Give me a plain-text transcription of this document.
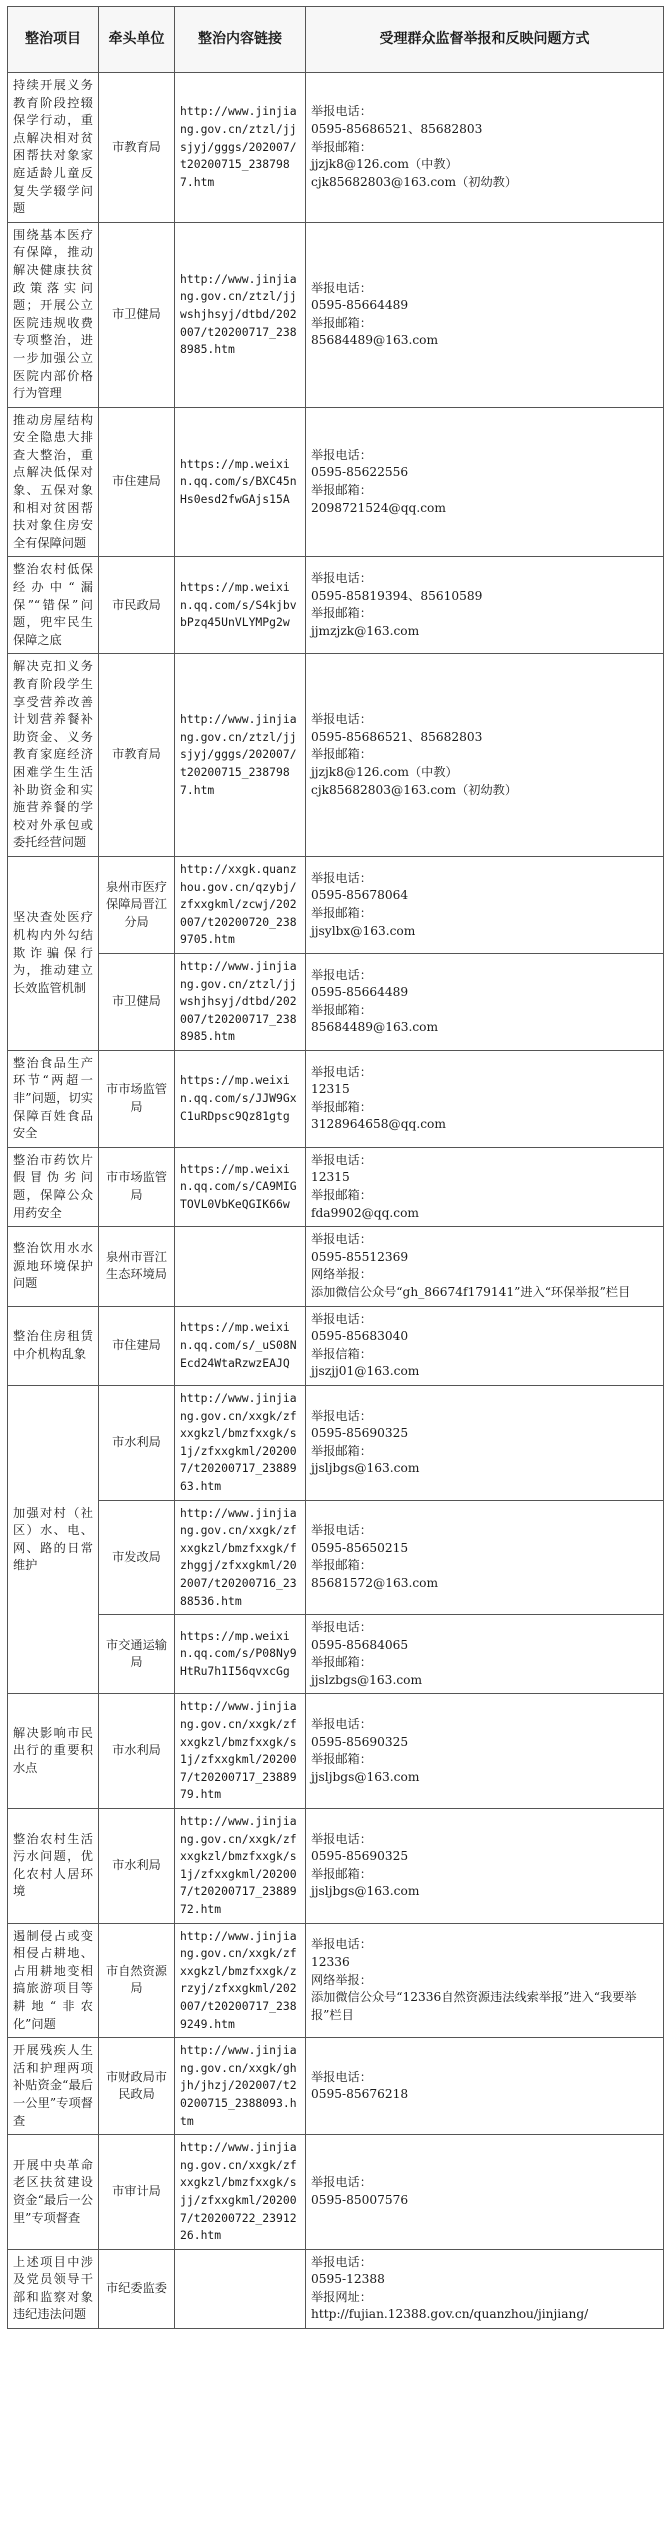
整治项目	牵头单位	整治内容链接	受理群众监督举报和反映问题方式
持续开展义务教育阶段控辍保学行动，重点解决相对贫困帮扶对象家庭适龄儿童反复失学辍学问题	市教育局	http://www.jinjiang.gov.cn/ztzl/jjsjyj/gggs/202007/t20200715_2387987.htm	举报电话：
0595-85686521、85682803
举报邮箱：
jjzjk8@126.com（中教）
cjk85682803@163.com（初幼教）

围绕基本医疗有保障，推动解决健康扶贫政策落实问题；开展公立医院违规收费专项整治，进一步加强公立医院内部价格行为管理	市卫健局	http://www.jinjiang.gov.cn/ztzl/jjwshjhsyj/dtbd/202007/t20200717_2388985.htm	举报电话：
0595-85664489
举报邮箱：
85684489@163.com

推动房屋结构安全隐患大排查大整治，重点解决低保对象、五保对象和相对贫困帮扶对象住房安全有保障问题	市住建局	https://mp.weixin.qq.com/s/BXC45nHs0esd2fwGAjs15A	举报电话：
0595-85622556
举报邮箱：
2098721524@qq.com

整治农村低保经办中“漏保”“错保”问题，兜牢民生保障之底	市民政局	https://mp.weixin.qq.com/s/S4kjbvbPzq45UnVLYMPg2w	举报电话：
0595-85819394、85610589
举报邮箱：
jjmzjzk@163.com

解决克扣义务教育阶段学生享受营养改善计划营养餐补助资金、义务教育家庭经济困难学生生活补助资金和实施营养餐的学校对外承包或委托经营问题	市教育局	http://www.jinjiang.gov.cn/ztzl/jjsjyj/gggs/202007/t20200715_2387987.htm	举报电话：
0595-85686521、85682803
举报邮箱：
jjzjk8@126.com（中教）
cjk85682803@163.com（初幼教）

坚决查处医疗机构内外勾结欺诈骗保行为，推动建立长效监管机制	泉州市医疗保障局晋江分局	http://xxgk.quanzhou.gov.cn/qzybj/zfxxgkml/zcwj/202007/t20200720_2389705.htm	举报电话：
0595-85678064
举报邮箱：
jjsylbx@163.com

	市卫健局	http://www.jinjiang.gov.cn/ztzl/jjwshjhsyj/dtbd/202007/t20200717_2388985.htm	举报电话：
0595-85664489
举报邮箱：
85684489@163.com

整治食品生产环节“两超一非”问题，切实保障百姓食品安全	市市场监管局	https://mp.weixin.qq.com/s/JJW9GxC1uRDpsc9Qz81gtg	举报电话：
12315
举报邮箱：
3128964658@qq.com

整治市药饮片假冒伪劣问题，保障公众用药安全	市市场监管局	https://mp.weixin.qq.com/s/CA9MIGTOVL0VbKeQGIK66w	举报电话：
12315
举报邮箱：
fda9902@qq.com

整治饮用水水源地环境保护问题	泉州市晋江生态环境局		举报电话：
0595-85512369
网络举报：
添加微信公众号“gh_86674f179141”进入“环保举报”栏目

整治住房租赁中介机构乱象	市住建局	https://mp.weixin.qq.com/s/_uS08NEcd24WtaRzwzEAJQ	举报电话：
0595-85683040
举报信箱：
jjszjj01@163.com

加强对村（社区）水、电、网、路的日常维护	市水利局	http://www.jinjiang.gov.cn/xxgk/zfxxgkzl/bmzfxxgk/s1j/zfxxgkml/202007/t20200717_2388963.htm	举报电话：
0595-85690325
举报邮箱：
jjsljbgs@163.com

	市发改局	http://www.jinjiang.gov.cn/xxgk/zfxxgkzl/bmzfxxgk/fzhggj/zfxxgkml/202007/t20200716_2388536.htm	举报电话：
0595-85650215
举报邮箱：
85681572@163.com

	市交通运输局	https://mp.weixin.qq.com/s/P08Ny9HtRu7h1I56qvxcGg	举报电话：
0595-85684065
举报邮箱：
jjslzbgs@163.com

解决影响市民出行的重要积水点	市水利局	http://www.jinjiang.gov.cn/xxgk/zfxxgkzl/bmzfxxgk/s1j/zfxxgkml/202007/t20200717_2388979.htm	举报电话：
0595-85690325
举报邮箱：
jjsljbgs@163.com

整治农村生活污水问题，优化农村人居环境	市水利局	http://www.jinjiang.gov.cn/xxgk/zfxxgkzl/bmzfxxgk/s1j/zfxxgkml/202007/t20200717_2388972.htm	举报电话：
0595-85690325
举报邮箱：
jjsljbgs@163.com

遏制侵占或变相侵占耕地、占用耕地变相搞旅游项目等耕地“非农化”问题	市自然资源局	http://www.jinjiang.gov.cn/xxgk/zfxxgkzl/bmzfxxgk/zrzyj/zfxxgkml/202007/t20200717_2389249.htm	举报电话：
12336
网络举报：
添加微信公众号“12336自然资源违法线索举报”进入“我要举报”栏目

开展残疾人生活和护理两项补贴资金“最后一公里”专项督查	市财政局市民政局	http://www.jinjiang.gov.cn/xxgk/ghjh/jhzj/202007/t20200715_2388093.htm	举报电话：
0595-85676218

开展中央革命老区扶贫建设资金“最后一公里”专项督查	市审计局	http://www.jinjiang.gov.cn/xxgk/zfxxgkzl/bmzfxxgk/sjj/zfxxgkml/202007/t20200722_2391226.htm	举报电话：
0595-85007576

上述项目中涉及党员领导干部和监察对象违纪违法问题	市纪委监委		举报电话：
0595-12388
举报网址：
http://fujian.12388.gov.cn/quanzhou/jinjiang/
